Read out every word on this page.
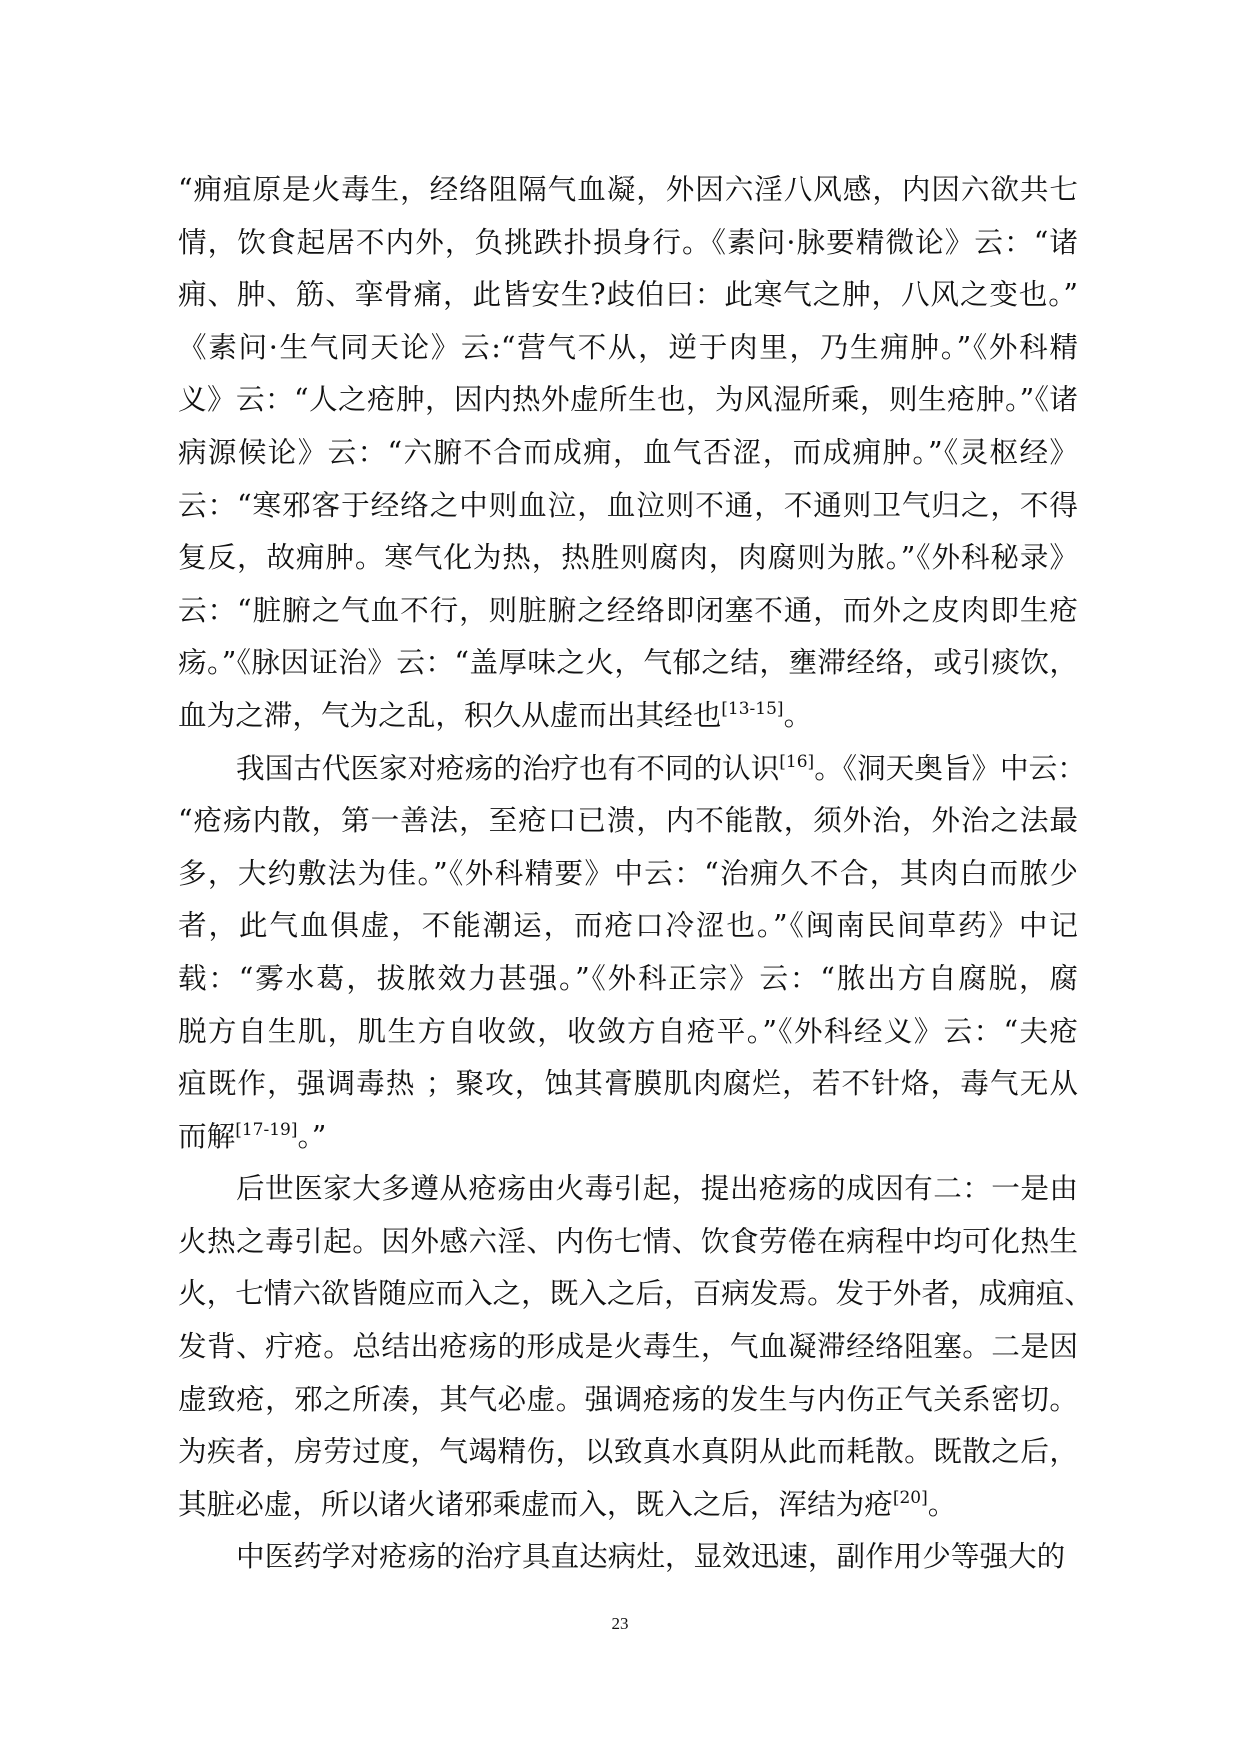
“痈疽原是火毒生，经络阻隔气血凝，外因六淫八风感，内因六欲共七
情，饮食起居不内外，负挑跌扑损身行。《素问·脉要精微论》云：“诸
痈、肿、筋、挛骨痛，此皆安生?歧伯曰：此寒气之肿，八风之变也。”
《素问·生气同天论》云:“营气不从，逆于肉里，乃生痈肿。”《外科精
义》云：“人之疮肿，因内热外虚所生也，为风湿所乘，则生疮肿。”《诸
病源候论》云：“六腑不合而成痈，血气否涩，而成痈肿。”《灵枢经》
云：“寒邪客于经络之中则血泣，血泣则不通，不通则卫气归之，不得
复反，故痈肿。寒气化为热，热胜则腐肉，肉腐则为脓。”《外科秘录》
云：“脏腑之气血不行，则脏腑之经络即闭塞不通，而外之皮肉即生疮
疡。”《脉因证治》云：“盖厚味之火，气郁之结，壅滞经络，或引痰饮，
血为之滞，气为之乱，积久从虚而出其经也[13-15]。
我国古代医家对疮疡的治疗也有不同的认识[16]。《洞天奥旨》中云：
“疮疡内散，第一善法，至疮口已溃，内不能散，须外治，外治之法最
多，大约敷法为佳。”《外科精要》中云：“治痈久不合，其肉白而脓少
者，此气血俱虚，不能潮运，而疮口冷涩也。”《闽南民间草药》中记
载：“雾水葛，拔脓效力甚强。”《外科正宗》云：“脓出方自腐脱，腐
脱方自生肌，肌生方自收敛，收敛方自疮平。”《外科经义》云：“夫疮
疽既作，强调毒热 ；聚攻，蚀其膏膜肌肉腐烂，若不针烙，毒气无从
而解[17-19]。”
后世医家大多遵从疮疡由火毒引起，提出疮疡的成因有二：一是由
火热之毒引起。因外感六淫、内伤七情、饮食劳倦在病程中均可化热生
火，七情六欲皆随应而入之，既入之后，百病发焉。发于外者，成痈疽、
发背、疔疮。总结出疮疡的形成是火毒生，气血凝滞经络阻塞。二是因
虚致疮，邪之所凑，其气必虚。强调疮疡的发生与内伤正气关系密切。
为疾者，房劳过度，气竭精伤，以致真水真阴从此而耗散。既散之后，
其脏必虚，所以诸火诸邪乘虚而入，既入之后，浑结为疮[20]。
中医药学对疮疡的治疗具直达病灶，显效迅速，副作用少等强大的
23
